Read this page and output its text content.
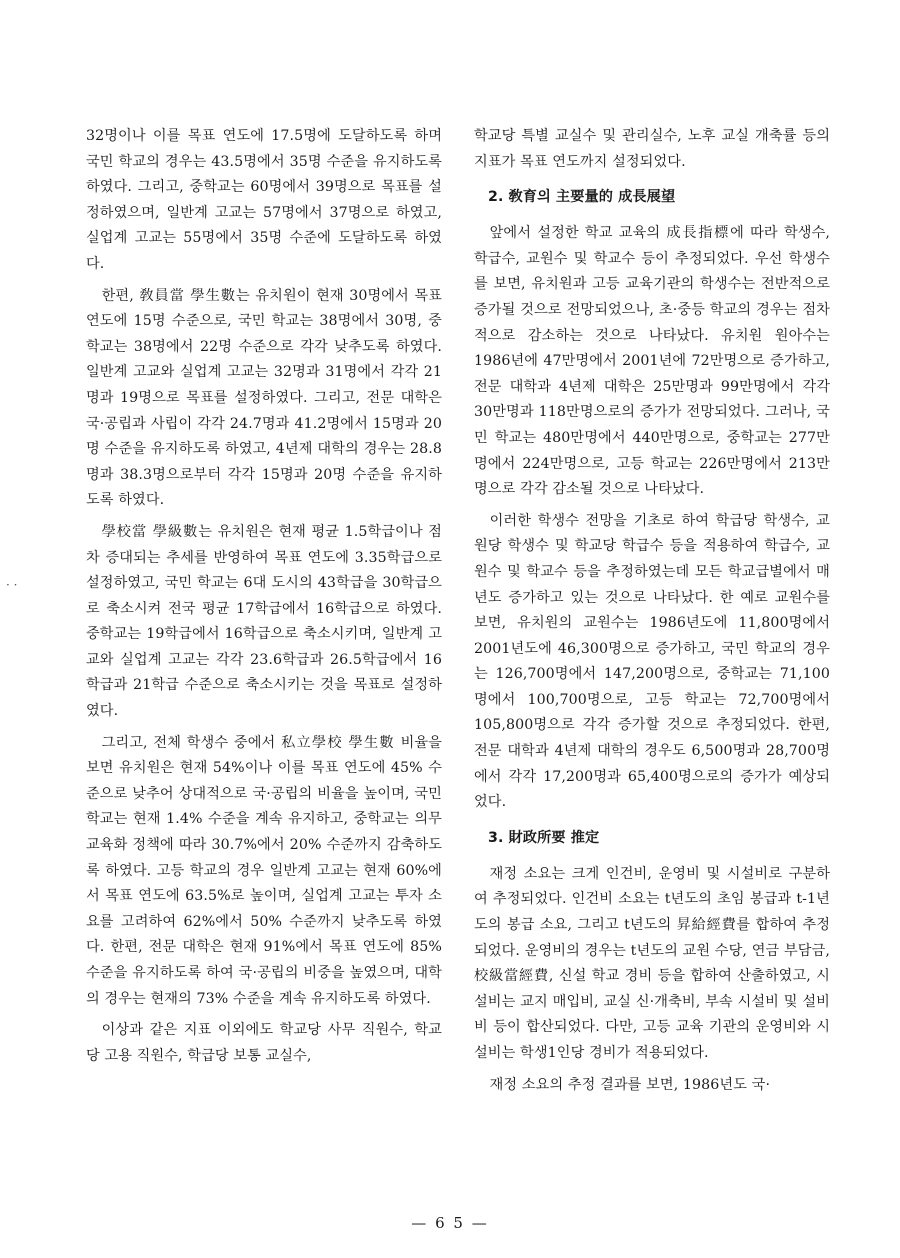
32명이나 이를 목표 연도에 17.5명에 도달하도록 하며 국민 학교의 경우는 43.5명에서 35명 수준을 유지하도록 하였다. 그리고, 중학교는 60명에서 39명으로 목표를 설정하였으며, 일반계 고교는 57명에서 37명으로 하였고, 실업계 고교는 55명에서 35명 수준에 도달하도록 하였다.

한편, 敎員當 學生數는 유치원이 현재 30명에서 목표 연도에 15명 수준으로, 국민 학교는 38명에서 30명, 중학교는 38명에서 22명 수준으로 각각 낮추도록 하였다. 일반계 고교와 실업계 고교는 32명과 31명에서 각각 21명과 19명으로 목표를 설정하였다. 그리고, 전문 대학은 국·공립과 사립이 각각 24.7명과 41.2명에서 15명과 20명 수준을 유지하도록 하였고, 4년제 대학의 경우는 28.8명과 38.3명으로부터 각각 15명과 20명 수준을 유지하도록 하였다.

學校當 學級數는 유치원은 현재 평균 1.5학급이나 점차 증대되는 추세를 반영하여 목표 연도에 3.35학급으로 설정하였고, 국민 학교는 6대 도시의 43학급을 30학급으로 축소시켜 전국 평균 17학급에서 16학급으로 하였다. 중학교는 19학급에서 16학급으로 축소시키며, 일반계 고교와 실업계 고교는 각각 23.6학급과 26.5학급에서 16학급과 21학급 수준으로 축소시키는 것을 목표로 설정하였다.

그리고, 전체 학생수 중에서 私立學校 學生數 비율을 보면 유치원은 현재 54%이나 이를 목표 연도에 45% 수준으로 낮추어 상대적으로 국·공립의 비율을 높이며, 국민 학교는 현재 1.4% 수준을 계속 유지하고, 중학교는 의무 교육화 정책에 따라 30.7%에서 20% 수준까지 감축하도록 하였다. 고등 학교의 경우 일반계 고교는 현재 60%에서 목표 연도에 63.5%로 높이며, 실업계 고교는 투자 소요를 고려하여 62%에서 50% 수준까지 낮추도록 하였다. 한편, 전문 대학은 현재 91%에서 목표 연도에 85% 수준을 유지하도록 하여 국·공립의 비중을 높였으며, 대학의 경우는 현재의 73% 수준을 계속 유지하도록 하였다.

이상과 같은 지표 이외에도 학교당 사무 직원수, 학교당 고용 직원수, 학급당 보통 교실수,

학교당 특별 교실수 및 관리실수, 노후 교실 개축률 등의 지표가 목표 연도까지 설정되었다.

2. 敎育의 主要量的 成長展望

앞에서 설정한 학교 교육의 成長指標에 따라 학생수, 학급수, 교원수 및 학교수 등이 추정되었다. 우선 학생수를 보면, 유치원과 고등 교육기관의 학생수는 전반적으로 증가될 것으로 전망되었으나, 초·중등 학교의 경우는 점차적으로 감소하는 것으로 나타났다. 유치원 원아수는 1986년에 47만명에서 2001년에 72만명으로 증가하고, 전문 대학과 4년제 대학은 25만명과 99만명에서 각각 30만명과 118만명으로의 증가가 전망되었다. 그러나, 국민 학교는 480만명에서 440만명으로, 중학교는 277만명에서 224만명으로, 고등 학교는 226만명에서 213만명으로 각각 감소될 것으로 나타났다.

이러한 학생수 전망을 기초로 하여 학급당 학생수, 교원당 학생수 및 학교당 학급수 등을 적용하여 학급수, 교원수 및 학교수 등을 추정하였는데 모든 학교급별에서 매년도 증가하고 있는 것으로 나타났다. 한 예로 교원수를 보면, 유치원의 교원수는 1986년도에 11,800명에서 2001년도에 46,300명으로 증가하고, 국민 학교의 경우는 126,700명에서 147,200명으로, 중학교는 71,100명에서 100,700명으로, 고등 학교는 72,700명에서 105,800명으로 각각 증가할 것으로 추정되었다. 한편, 전문 대학과 4년제 대학의 경우도 6,500명과 28,700명에서 각각 17,200명과 65,400명으로의 증가가 예상되었다.

3. 財政所要 推定

재정 소요는 크게 인건비, 운영비 및 시설비로 구분하여 추정되었다. 인건비 소요는 t년도의 초임 봉급과 t-1년도의 봉급 소요, 그리고 t년도의 昇給經費를 합하여 추정되었다. 운영비의 경우는 t년도의 교원 수당, 연금 부담금, 校級當經費, 신설 학교 경비 등을 합하여 산출하였고, 시설비는 교지 매입비, 교실 신·개축비, 부속 시설비 및 설비비 등이 합산되었다. 다만, 고등 교육 기관의 운영비와 시설비는 학생1인당 경비가 적용되었다.

재정 소요의 추정 결과를 보면, 1986년도 국·

· ·
— 6 5 —
